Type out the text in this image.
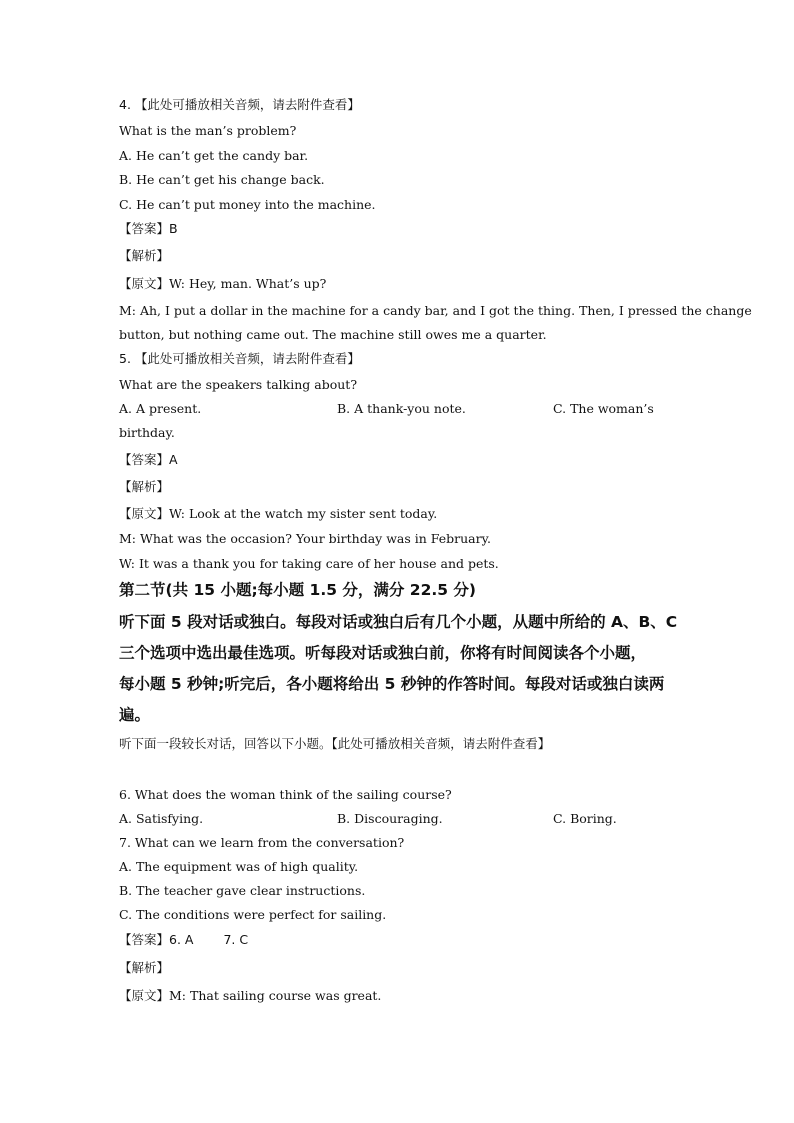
4. 【此处可播放相关音频，请去附件查看】
What is the man’s problem?
A. He can’t get the candy bar.
B. He can’t get his change back.
C. He can’t put money into the machine.
【答案】B
【解析】
【原文】W: Hey, man. What’s up?
M: Ah, I put a dollar in the machine for a candy bar, and I got the thing. Then, I pressed the change
button, but nothing came out. The machine still owes me a quarter.
5. 【此处可播放相关音频，请去附件查看】
What are the speakers talking about?
A. A present.	B. A thank-you note.	C. The woman’s
birthday.
【答案】A
【解析】
【原文】W: Look at the watch my sister sent today.
M: What was the occasion? Your birthday was in February.
W: It was a thank you for taking care of her house and pets.
第二节(共 15 小题;每小题 1.5 分，满分 22.5 分)
听下面 5 段对话或独白。每段对话或独白后有几个小题，从题中所给的 A、B、C
三个选项中选出最佳选项。听每段对话或独白前，你将有时间阅读各个小题，
每小题 5 秒钟;听完后，各小题将给出 5 秒钟的作答时间。每段对话或独白读两
遍。
听下面一段较长对话，回答以下小题。【此处可播放相关音频，请去附件查看】
6. What does the woman think of the sailing course?
A. Satisfying.	B. Discouraging.	C. Boring.
7. What can we learn from the conversation?
A. The equipment was of high quality.
B. The teacher gave clear instructions.
C. The conditions were perfect for sailing.
【答案】6. A 7. C
【解析】
【原文】M: That sailing course was great.
